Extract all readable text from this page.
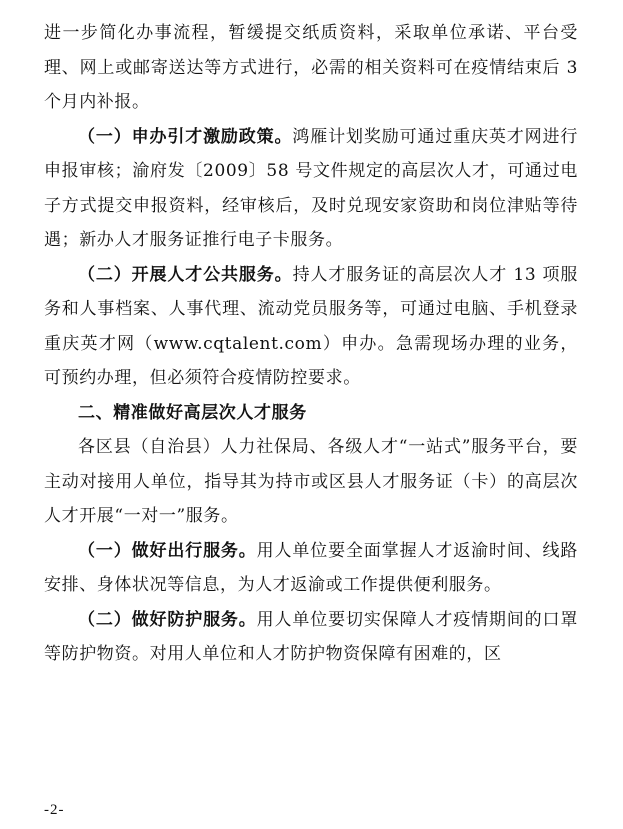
进一步简化办事流程，暂缓提交纸质资料，采取单位承诺、平台受理、网上或邮寄送达等方式进行，必需的相关资料可在疫情结束后 3 个月内补报。

（一）申办引才激励政策。鸿雁计划奖励可通过重庆英才网进行申报审核；渝府发〔2009〕58 号文件规定的高层次人才，可通过电子方式提交申报资料，经审核后，及时兑现安家资助和岗位津贴等待遇；新办人才服务证推行电子卡服务。

（二）开展人才公共服务。持人才服务证的高层次人才 13 项服务和人事档案、人事代理、流动党员服务等，可通过电脑、手机登录重庆英才网（www.cqtalent.com）申办。急需现场办理的业务，可预约办理，但必须符合疫情防控要求。

二、精准做好高层次人才服务

各区县（自治县）人力社保局、各级人才“一站式”服务平台，要主动对接用人单位，指导其为持市或区县人才服务证（卡）的高层次人才开展“一对一”服务。

（一）做好出行服务。用人单位要全面掌握人才返渝时间、线路安排、身体状况等信息，为人才返渝或工作提供便利服务。

（二）做好防护服务。用人单位要切实保障人才疫情期间的口罩等防护物资。对用人单位和人才防护物资保障有困难的，区

-2-
